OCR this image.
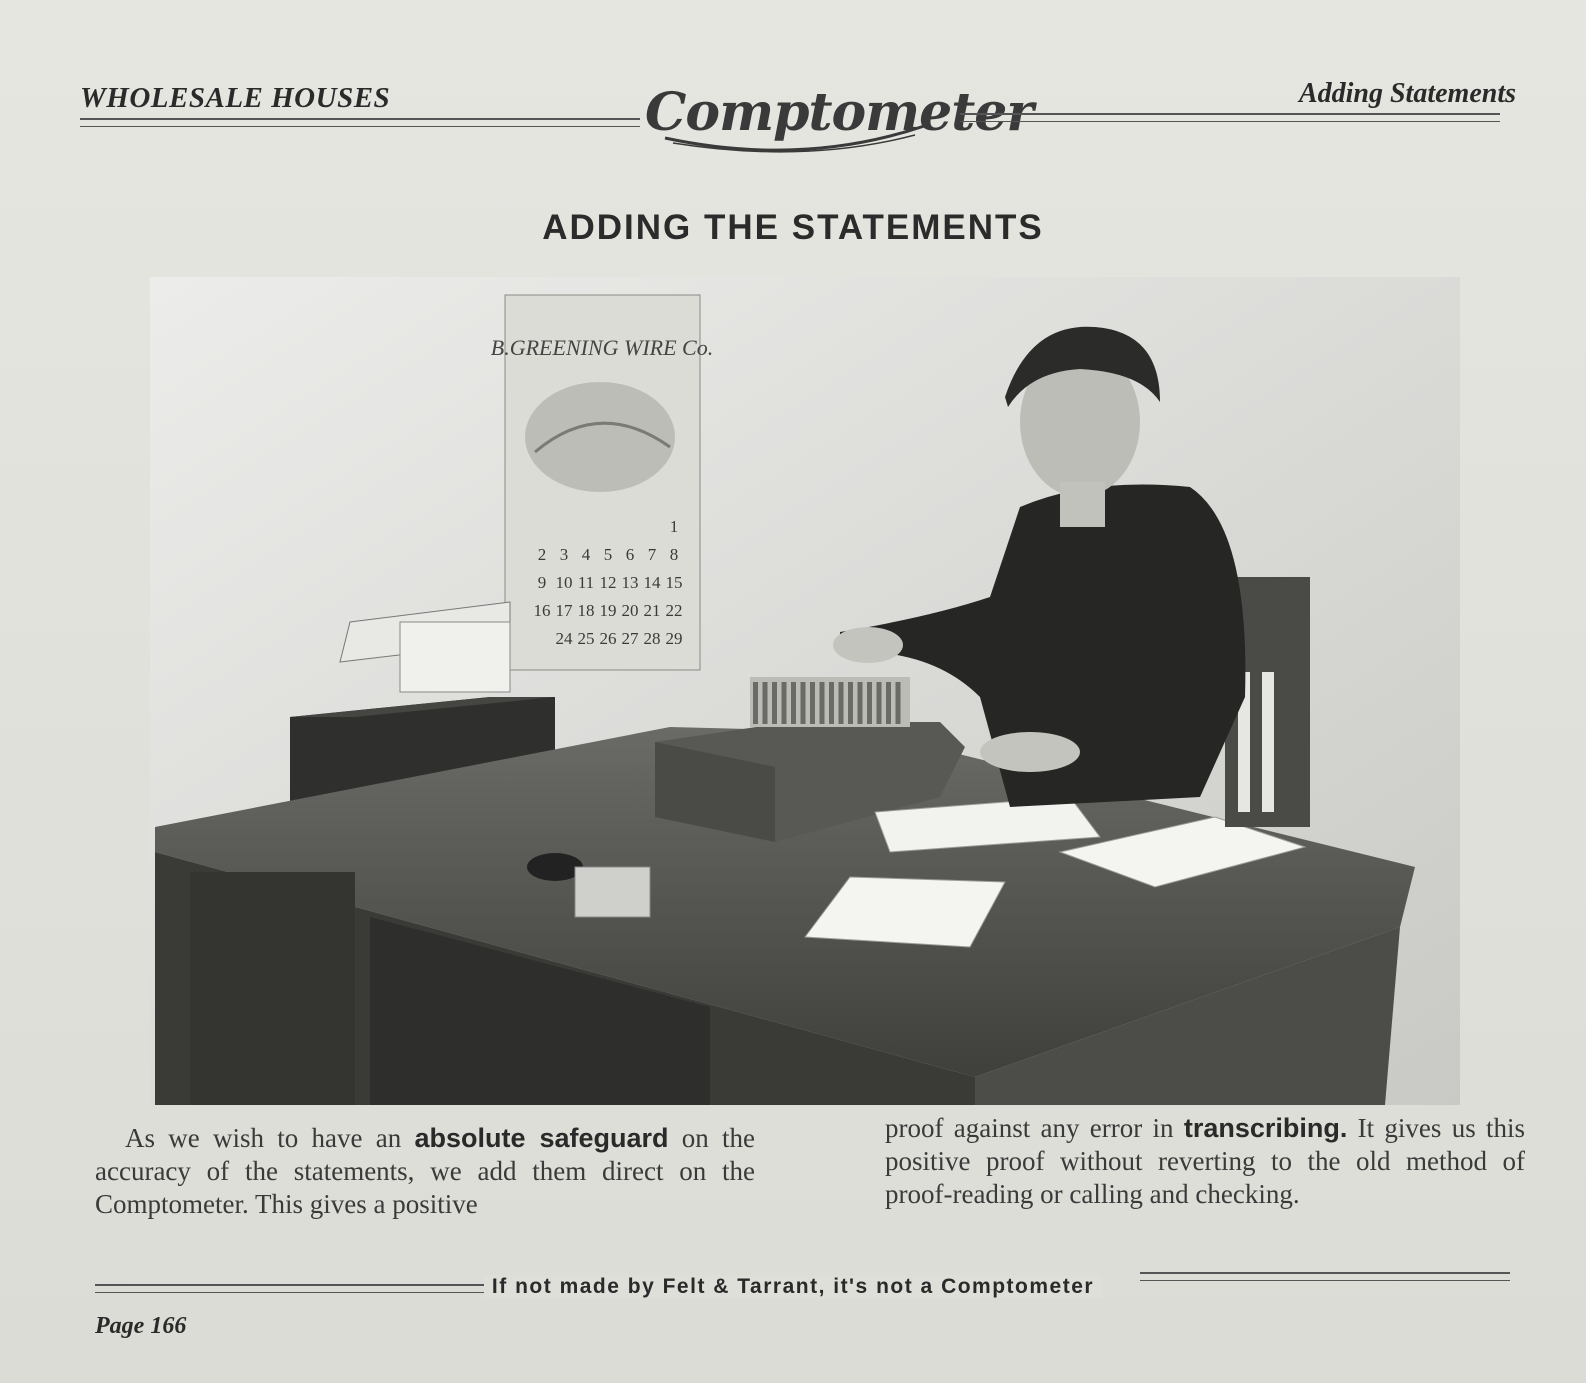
WHOLESALE HOUSES	Comptometer	Adding Statements
ADDING THE STATEMENTS
B.GREENING WIRE Co.
1
2 3 4 5 6 7 8
9 10 11 12 13 14 15
16 17 18 19 20 21 22
24 25 26 27 28 29
As we wish to have an absolute safeguard on the accuracy of the statements, we add them direct on the Comptometer. This gives a positive
proof against any error in transcribing. It gives us this positive proof without reverting to the old method of proof-reading or calling and checking.
If not made by Felt & Tarrant, it's not a Comptometer
Page 166
